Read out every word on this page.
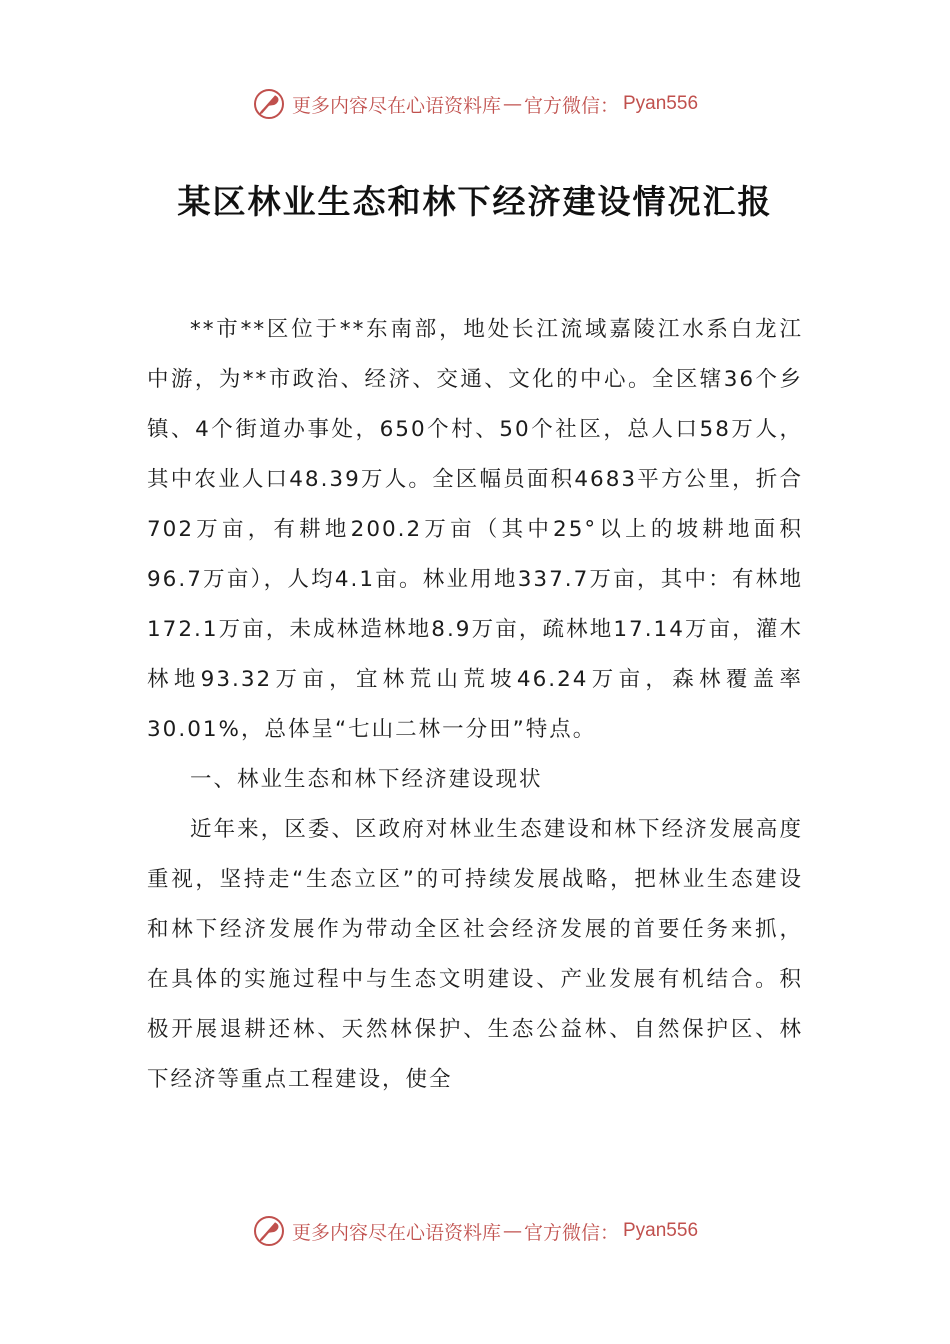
更多内容尽在心语资料库 — 官方微信： Pyan556
某区林业生态和林下经济建设情况汇报

**市**区位于**东南部，地处长江流域嘉陵江水系白龙江中游，为**市政治、经济、交通、文化的中心。全区辖36个乡镇、4个街道办事处，650个村、50个社区，总人口58万人，其中农业人口48.39万人。全区幅员面积4683平方公里，折合702万亩，有耕地200.2万亩（其中25°以上的坡耕地面积96.7万亩），人均4.1亩。林业用地337.7万亩，其中：有林地172.1万亩，未成林造林地8.9万亩，疏林地17.14万亩，灌木林地93.32万亩，宜林荒山荒坡46.24万亩，森林覆盖率30.01%，总体呈“七山二林一分田”特点。

一、林业生态和林下经济建设现状

近年来，区委、区政府对林业生态建设和林下经济发展高度重视，坚持走“生态立区”的可持续发展战略，把林业生态建设和林下经济发展作为带动全区社会经济发展的首要任务来抓，在具体的实施过程中与生态文明建设、产业发展有机结合。积极开展退耕还林、天然林保护、生态公益林、自然保护区、林下经济等重点工程建设，使全

更多内容尽在心语资料库 — 官方微信： Pyan556
